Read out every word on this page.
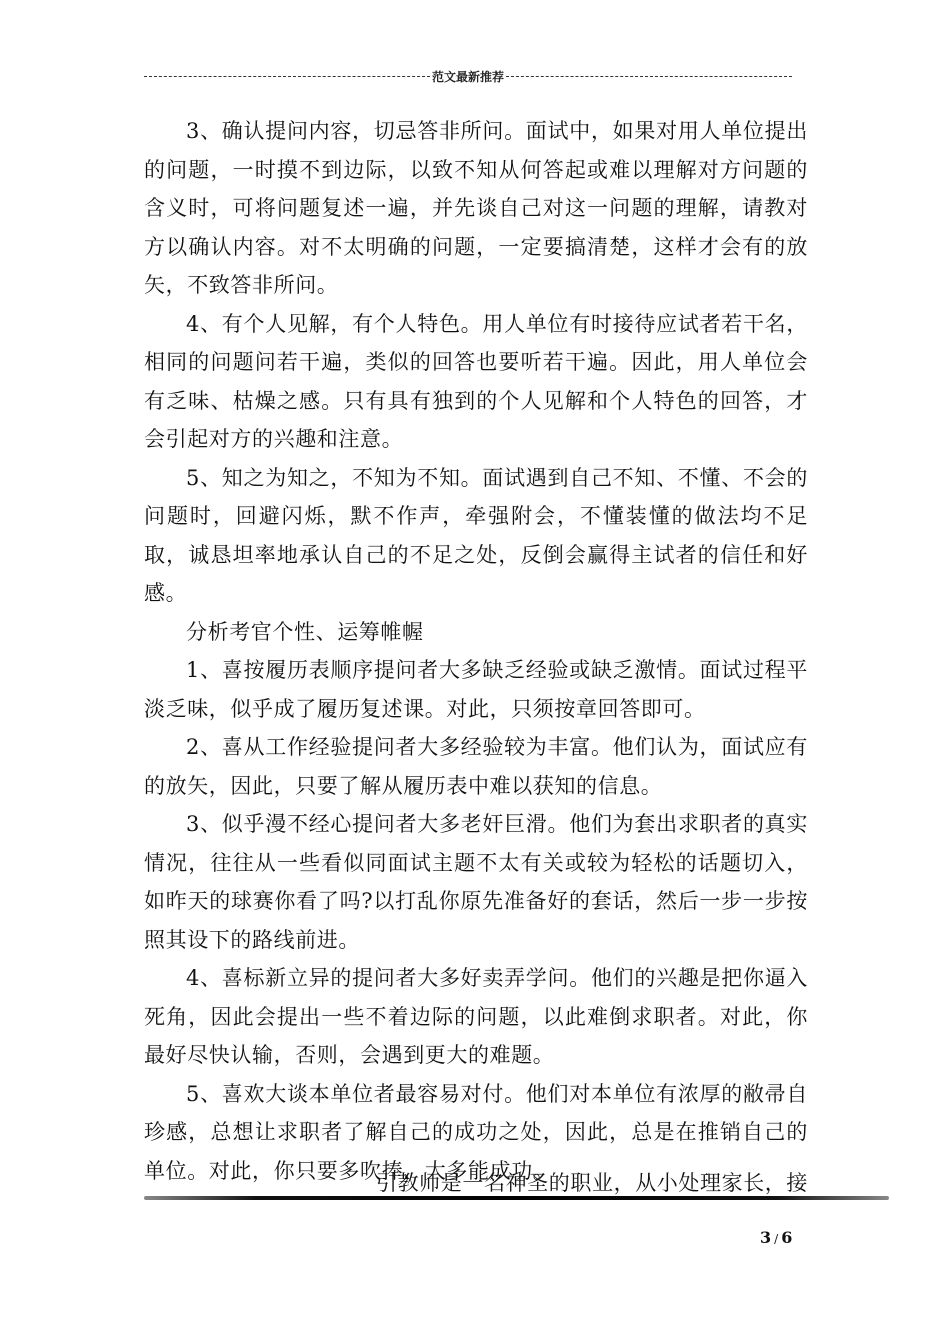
范文最新推荐

3、确认提问内容，切忌答非所问。面试中，如果对用人单位提出的问题，一时摸不到边际，以致不知从何答起或难以理解对方问题的含义时，可将问题复述一遍，并先谈自己对这一问题的理解，请教对方以确认内容。对不太明确的问题，一定要搞清楚，这样才会有的放矢，不致答非所问。

4、有个人见解，有个人特色。用人单位有时接待应试者若干名，相同的问题问若干遍，类似的回答也要听若干遍。因此，用人单位会有乏味、枯燥之感。只有具有独到的个人见解和个人特色的回答，才会引起对方的兴趣和注意。

5、知之为知之，不知为不知。面试遇到自己不知、不懂、不会的问题时，回避闪烁，默不作声，牵强附会，不懂装懂的做法均不足取，诚恳坦率地承认自己的不足之处，反倒会赢得主试者的信任和好感。

分析考官个性、运筹帷幄

1、喜按履历表顺序提问者大多缺乏经验或缺乏激情。面试过程平淡乏味，似乎成了履历复述课。对此，只须按章回答即可。

2、喜从工作经验提问者大多经验较为丰富。他们认为，面试应有的放矢，因此，只要了解从履历表中难以获知的信息。

3、似乎漫不经心提问者大多老奸巨滑。他们为套出求职者的真实情况，往往从一些看似同面试主题不太有关或较为轻松的话题切入，如昨天的球赛你看了吗?以打乱你原先准备好的套话，然后一步一步按照其设下的路线前进。

4、喜标新立异的提问者大多好卖弄学问。他们的兴趣是把你逼入死角，因此会提出一些不着边际的问题，以此难倒求职者。对此，你最好尽快认输，否则，会遇到更大的难题。

5、喜欢大谈本单位者最容易对付。他们对本单位有浓厚的敝帚自珍感，总想让求职者了解自己的成功之处，因此，总是在推销自己的单位。对此，你只要多吹捧，大多能成功。

引教师是一名神圣的职业，从小处理家长，接
3 / 6
